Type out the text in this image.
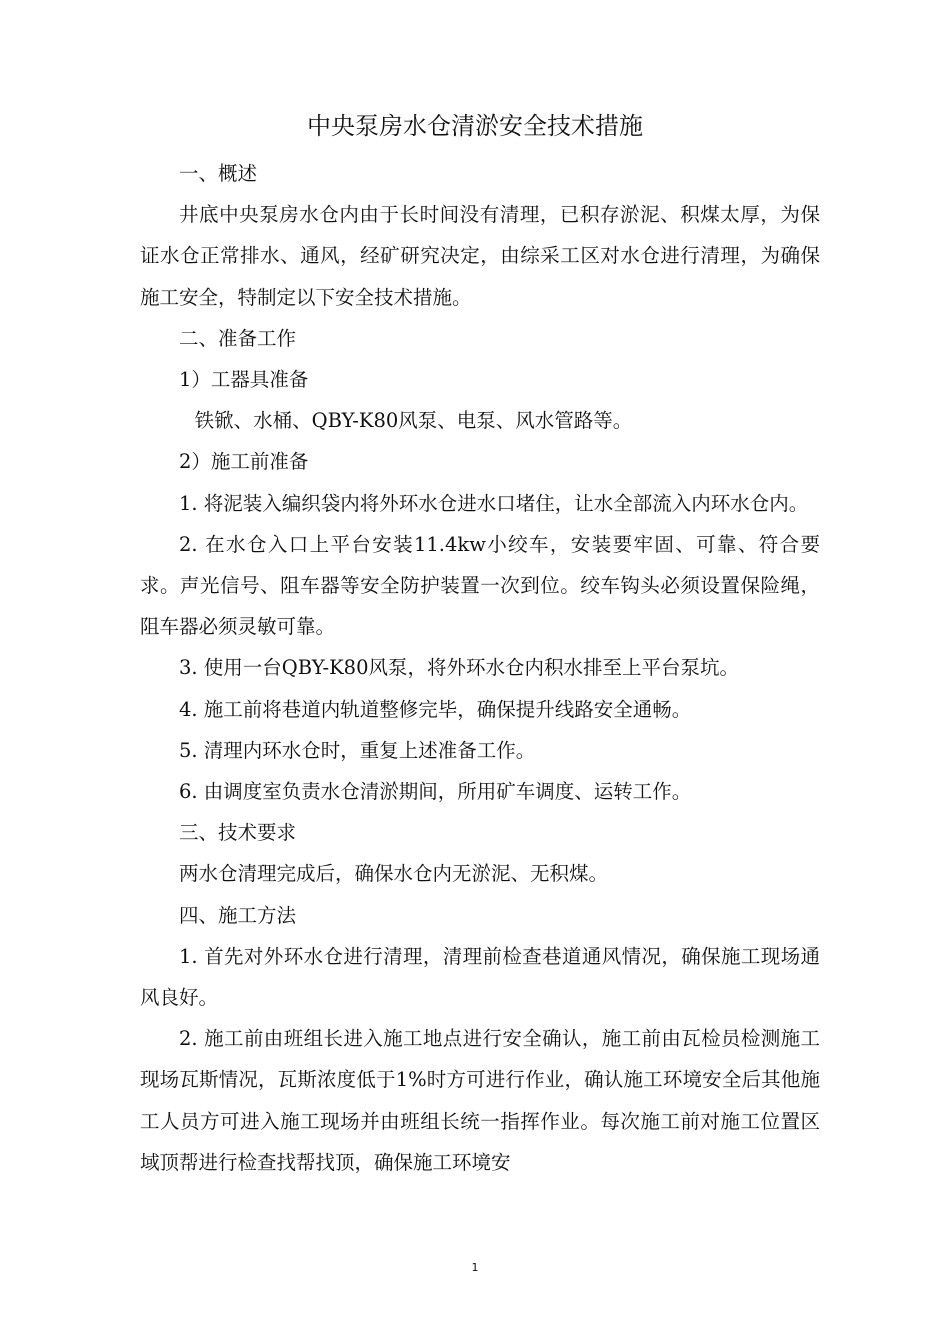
中央泵房水仓清淤安全技术措施

一、概述

井底中央泵房水仓内由于长时间没有清理，已积存淤泥、积煤太厚，为保证水仓正常排水、通风，经矿研究决定，由综采工区对水仓进行清理，为确保施工安全，特制定以下安全技术措施。

二、准备工作

1）工器具准备

铁锨、水桶、QBY-K80风泵、电泵、风水管路等。

2）施工前准备

1. 将泥装入编织袋内将外环水仓进水口堵住，让水全部流入内环水仓内。

2. 在水仓入口上平台安装11.4kw小绞车，安装要牢固、可靠、符合要求。声光信号、阻车器等安全防护装置一次到位。绞车钩头必须设置保险绳，阻车器必须灵敏可靠。

3. 使用一台QBY-K80风泵，将外环水仓内积水排至上平台泵坑。

4. 施工前将巷道内轨道整修完毕，确保提升线路安全通畅。

5. 清理内环水仓时，重复上述准备工作。

6. 由调度室负责水仓清淤期间，所用矿车调度、运转工作。

三、技术要求

两水仓清理完成后，确保水仓内无淤泥、无积煤。

四、施工方法

1. 首先对外环水仓进行清理，清理前检查巷道通风情况，确保施工现场通风良好。

2. 施工前由班组长进入施工地点进行安全确认，施工前由瓦检员检测施工现场瓦斯情况，瓦斯浓度低于1%时方可进行作业，确认施工环境安全后其他施工人员方可进入施工现场并由班组长统一指挥作业。每次施工前对施工位置区域顶帮进行检查找帮找顶，确保施工环境安

1
